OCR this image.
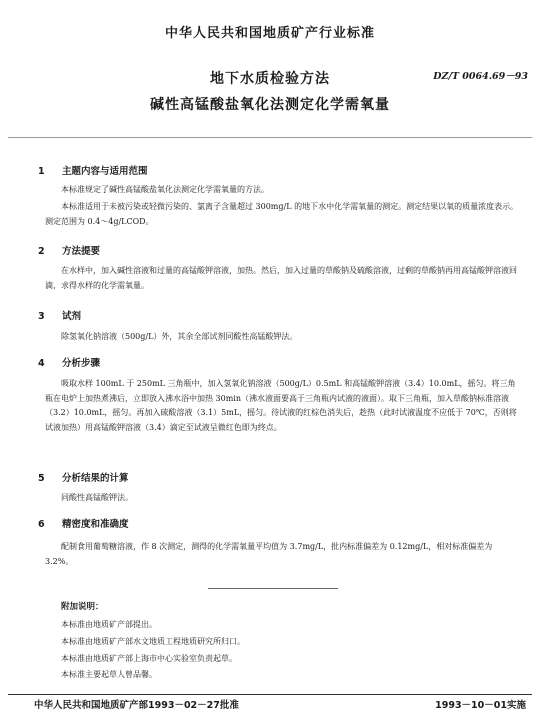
中华人民共和国地质矿产行业标准
地下水质检验方法	DZ/T 0064.69－93
碱性高锰酸盐氧化法测定化学需氧量
1 主题内容与适用范围
本标准规定了碱性高锰酸盐氧化法测定化学需氧量的方法。
本标准适用于未被污染或轻微污染的、氯离子含量超过 300mg/L 的地下水中化学需氧量的测定。测定结果以氧的质量浓度表示。测定范围为 0.4～4g/LCOD。
2 方法提要
在水样中，加入碱性溶液和过量的高锰酸钾溶液，加热。然后，加入过量的草酸钠及硫酸溶液，过剩的草酸钠再用高锰酸钾溶液回滴，求得水样的化学需氧量。
3 试剂
除氢氧化钠溶液（500g/L）外，其余全部试剂同酸性高锰酸钾法。
4 分析步骤
吸取水样 100mL 于 250mL 三角瓶中，加入氢氧化钠溶液（500g/L）0.5mL 和高锰酸钾溶液（3.4）10.0mL，摇匀。将三角瓶在电炉上加热煮沸后，立即放入沸水浴中加热 30min（沸水液面要高于三角瓶内试液的液面）。取下三角瓶，加入草酸钠标准溶液（3.2）10.0mL，摇匀。再加入硫酸溶液（3.1）5mL，摇匀。待试液的红棕色消失后，趁热（此时试液温度不应低于 70℃，否则将试液加热）用高锰酸钾溶液（3.4）滴定至试液呈微红色即为终点。
5 分析结果的计算
同酸性高锰酸钾法。
6 精密度和准确度
配制食用葡萄糖溶液，作 8 次测定，测得的化学需氧量平均值为 3.7mg/L，批内标准偏差为 0.12mg/L，相对标准偏差为 3.2%。
附加说明：
本标准由地质矿产部提出。
本标准由地质矿产部水文地质工程地质研究所归口。
本标准由地质矿产部上海市中心实验室负责起草。
本标准主要起草人曾品馨。
中华人民共和国地质矿产部1993－02－27批准	1993－10－01实施
